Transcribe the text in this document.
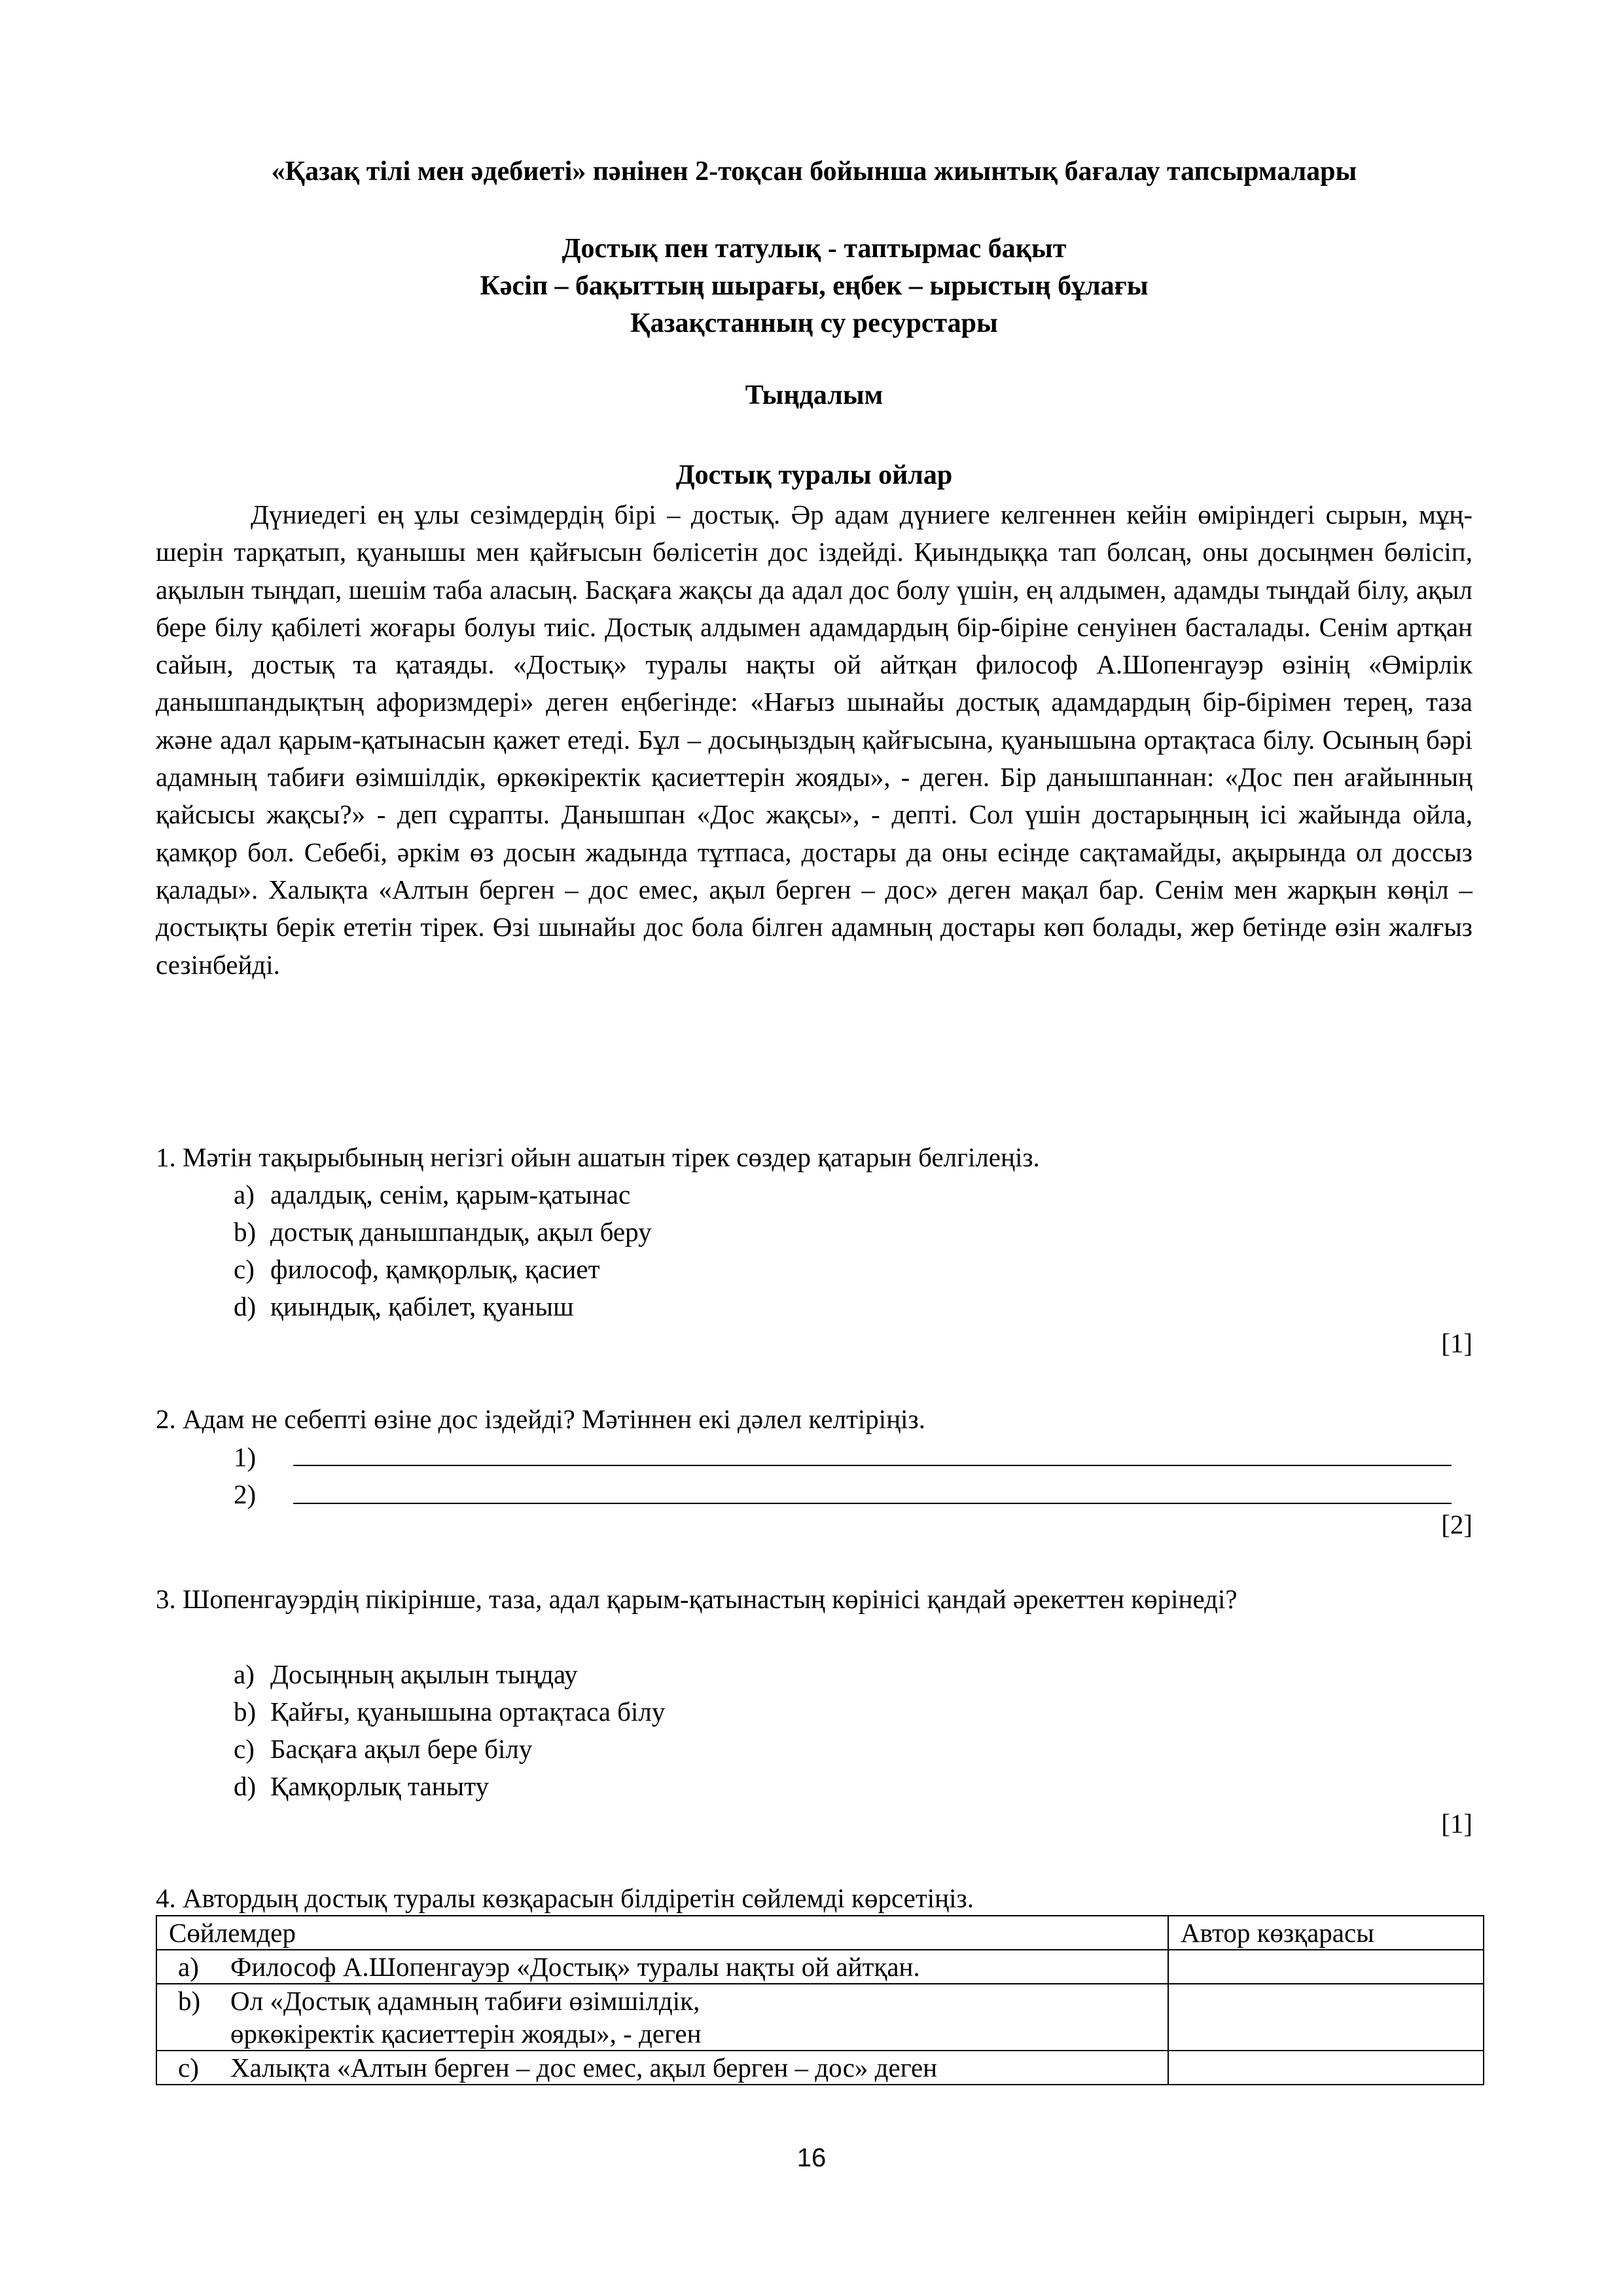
«Қазақ тілі мен әдебиеті» пәнінен 2-тоқсан бойынша жиынтық бағалау тапсырмалары
Достық пен татулық - таптырмас бақыт
Кәсіп – бақыттың шырағы, еңбек – ырыстың бұлағы
Қазақстанның су ресурстары
Тыңдалым
Достық туралы ойлар
Дүниедегі ең ұлы сезімдердің бірі – достық. Әр адам дүниеге келгеннен кейін өміріндегі сырын, мұң-шерін тарқатып, қуанышы мен қайғысын бөлісетін дос іздейді. Қиындыққа тап болсаң, оны досыңмен бөлісіп, ақылын тыңдап, шешім таба аласың. Басқаға жақсы да адал дос болу үшін, ең алдымен, адамды тыңдай білу, ақыл бере білу қабілеті жоғары болуы тиіс. Достық алдымен адамдардың бір-біріне сенуінен басталады. Сенім артқан сайын, достық та қатаяды. «Достық» туралы нақты ой айтқан философ А.Шопенгауэр өзінің «Өмірлік данышпандықтың афоризмдері» деген еңбегінде: «Нағыз шынайы достық адамдардың бір-бірімен терең, таза және адал қарым-қатынасын қажет етеді. Бұл – досыңыздың қайғысына, қуанышына ортақтаса білу. Осының бәрі адамның табиғи өзімшілдік, өркөкіректік қасиеттерін жояды», - деген. Бір данышпаннан: «Дос пен ағайынның қайсысы жақсы?» - деп сұрапты. Данышпан «Дос жақсы», - депті. Сол үшін достарыңның ісі жайында ойла, қамқор бол. Себебі, әркім өз досын жадында тұтпаса, достары да оны есінде сақтамайды, ақырында ол доссыз қалады». Халықта «Алтын берген – дос емес, ақыл берген – дос» деген мақал бар. Сенім мен жарқын көңіл – достықты берік ететін тірек. Өзі шынайы дос бола білген адамның достары көп болады, жер бетінде өзін жалғыз сезінбейді.
1. Мәтін тақырыбының негізгі ойын ашатын тірек сөздер қатарын белгілеңіз.
a) адалдық, сенім, қарым-қатынас
b) достық данышпандық, ақыл беру
c) философ, қамқорлық, қасиет
d) қиындық, қабілет, қуаныш
[1]
2. Адам не себепті өзіне дос іздейді? Мәтіннен екі дәлел келтіріңіз.
1)
2)
[2]
3. Шопенгауэрдің пікірінше, таза, адал қарым-қатынастың көрінісі қандай әрекеттен көрінеді?
a) Досыңның ақылын тыңдау
b) Қайғы, қуанышына ортақтаса білу
c) Басқаға ақыл бере білу
d) Қамқорлық таныту
[1]
4. Автордың достық туралы көзқарасын білдіретін сөйлемді көрсетіңіз.
Сөйлемдер	Автор көзқарасы

a) Философ А.Шопенгауэр «Достық» туралы нақты ой айтқан.	

b) Ол «Достық адамның табиғи өзімшілдік, өркөкіректік қасиеттерін жояды», - деген	

c) Халықта «Алтын берген – дос емес, ақыл берген – дос» деген	

16
